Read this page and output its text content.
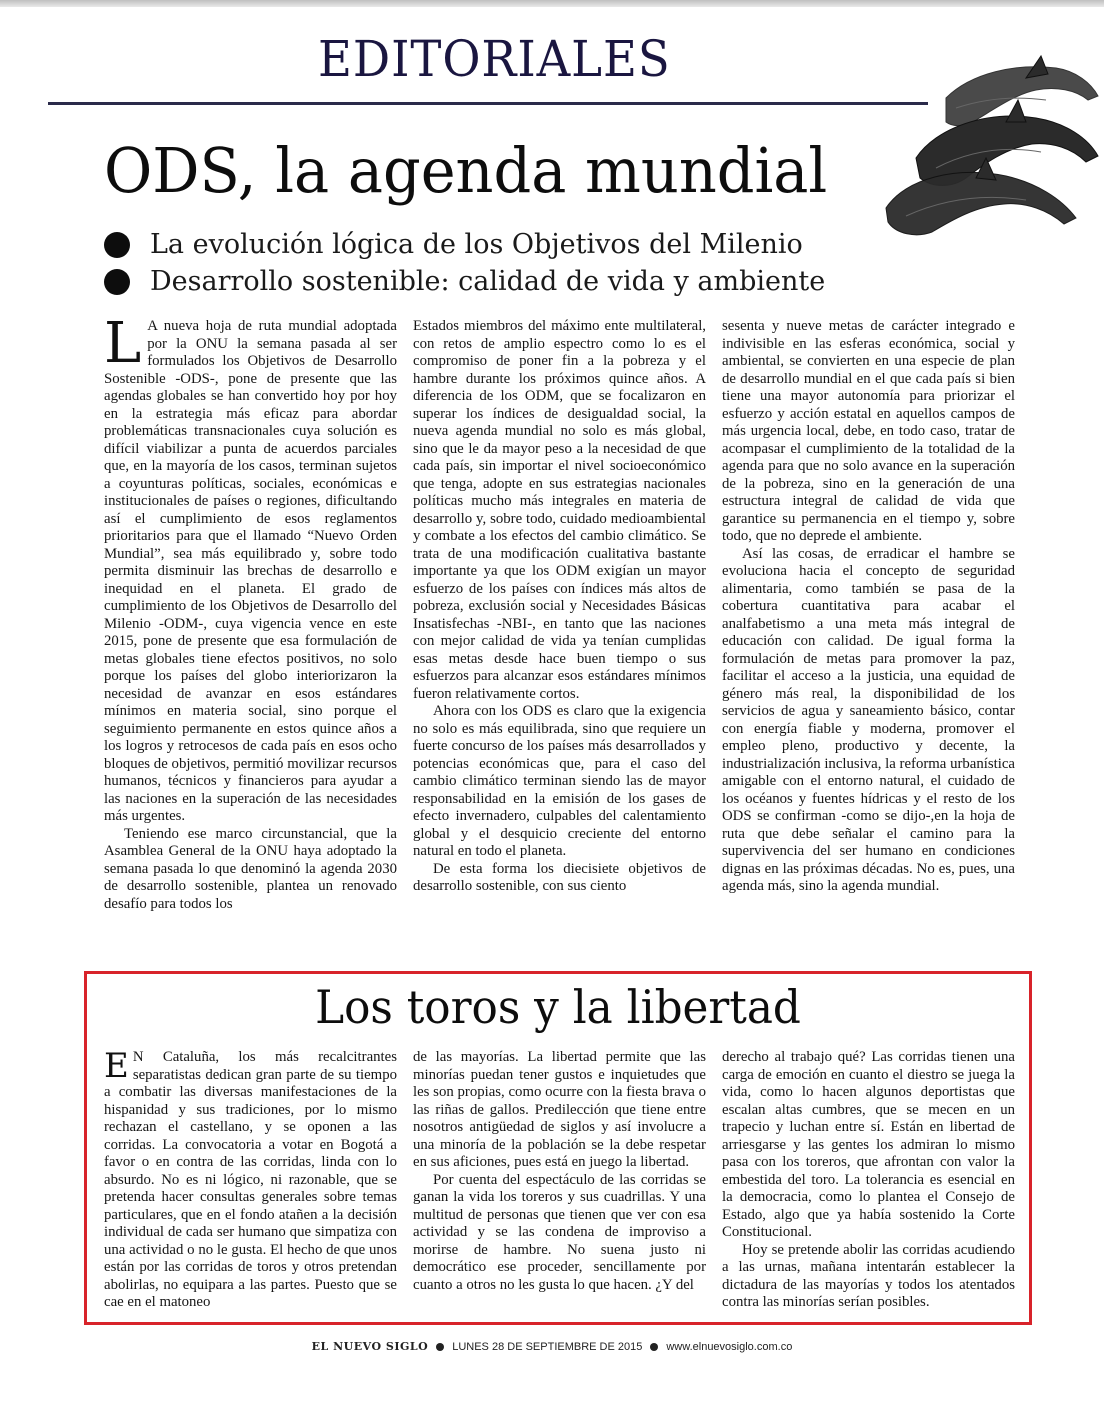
EDITORIALES
ODS, la agenda mundial
La evolución lógica de los Objetivos del Milenio
Desarrollo sostenible: calidad de vida y ambiente
L A nueva hoja de ruta mundial adoptada por la ONU la semana pasada al ser formulados los Objetivos de Desarrollo Sostenible -ODS-, pone de presente que las agendas globales se han convertido hoy por hoy en la estrategia más eficaz para abordar problemáticas transnacionales cuya solución es difícil viabilizar a punta de acuerdos parciales que, en la mayoría de los casos, terminan sujetos a coyunturas políticas, sociales, económicas e institucionales de países o regiones, dificultando así el cumplimiento de esos reglamentos prioritarios para que el llamado “Nuevo Orden Mundial”, sea más equilibrado y, sobre todo permita disminuir las brechas de desarrollo e inequidad en el planeta. El grado de cumplimiento de los Objetivos de Desarrollo del Milenio -ODM-, cuya vigencia vence en este 2015, pone de presente que esa formulación de metas globales tiene efectos positivos, no solo porque los países del globo interiorizaron la necesidad de avanzar en esos estándares mínimos en materia social, sino porque el seguimiento permanente en estos quince años a los logros y retrocesos de cada país en esos ocho bloques de objetivos, permitió movilizar recursos humanos, técnicos y financieros para ayudar a las naciones en la superación de las necesidades más urgentes.

Teniendo ese marco circunstancial, que la Asamblea General de la ONU haya adoptado la semana pasada lo que denominó la agenda 2030 de desarrollo sostenible, plantea un renovado desafío para todos los

Estados miembros del máximo ente multilateral, con retos de amplio espectro como lo es el compromiso de poner fin a la pobreza y el hambre durante los próximos quince años. A diferencia de los ODM, que se focalizaron en superar los índices de desigualdad social, la nueva agenda mundial no solo es más global, sino que le da mayor peso a la necesidad de que cada país, sin importar el nivel socioeconómico que tenga, adopte en sus estrategias nacionales políticas mucho más integrales en materia de desarrollo y, sobre todo, cuidado medioambiental y combate a los efectos del cambio climático. Se trata de una modificación cualitativa bastante importante ya que los ODM exigían un mayor esfuerzo de los países con índices más altos de pobreza, exclusión social y Necesidades Básicas Insatisfechas -NBI-, en tanto que las naciones con mejor calidad de vida ya tenían cumplidas esas metas desde hace buen tiempo o sus esfuerzos para alcanzar esos estándares mínimos fueron relativamente cortos.

Ahora con los ODS es claro que la exigencia no solo es más equilibrada, sino que requiere un fuerte concurso de los países más desarrollados y potencias económicas que, para el caso del cambio climático terminan siendo las de mayor responsabilidad en la emisión de los gases de efecto invernadero, culpables del calentamiento global y el desquicio creciente del entorno natural en todo el planeta.

De esta forma los diecisiete objetivos de desarrollo sostenible, con sus ciento

sesenta y nueve metas de carácter integrado e indivisible en las esferas económica, social y ambiental, se convierten en una especie de plan de desarrollo mundial en el que cada país si bien tiene una mayor autonomía para priorizar el esfuerzo y acción estatal en aquellos campos de más urgencia local, debe, en todo caso, tratar de acompasar el cumplimiento de la totalidad de la agenda para que no solo avance en la superación de la pobreza, sino en la generación de una estructura integral de calidad de vida que garantice su permanencia en el tiempo y, sobre todo, que no deprede el ambiente.

Así las cosas, de erradicar el hambre se evoluciona hacia el concepto de seguridad alimentaria, como también se pasa de la cobertura cuantitativa para acabar el analfabetismo a una meta más integral de educación con calidad. De igual forma la formulación de metas para promover la paz, facilitar el acceso a la justicia, una equidad de género más real, la disponibilidad de los servicios de agua y saneamiento básico, contar con energía fiable y moderna, promover el empleo pleno, productivo y decente, la industrialización inclusiva, la reforma urbanística amigable con el entorno natural, el cuidado de los océanos y fuentes hídricas y el resto de los ODS se confirman -como se dijo-,en la hoja de ruta que debe señalar el camino para la supervivencia del ser humano en condiciones dignas en las próximas décadas. No es, pues, una agenda más, sino la agenda mundial.

Los toros y la libertad
E N Cataluña, los más recalcitrantes separatistas dedican gran parte de su tiempo a combatir las diversas manifestaciones de la hispanidad y sus tradiciones, por lo mismo rechazan el castellano, y se oponen a las corridas. La convocatoria a votar en Bogotá a favor o en contra de las corridas, linda con lo absurdo. No es ni lógico, ni razonable, que se pretenda hacer consultas generales sobre temas particulares, que en el fondo atañen a la decisión individual de cada ser humano que simpatiza con una actividad o no le gusta. El hecho de que unos están por las corridas de toros y otros pretendan abolirlas, no equipara a las partes. Puesto que se cae en el matoneo

de las mayorías. La libertad permite que las minorías puedan tener gustos e inquietudes que les son propias, como ocurre con la fiesta brava o las riñas de gallos. Predilección que tiene entre nosotros antigüedad de siglos y así involucre a una minoría de la población se la debe respetar en sus aficiones, pues está en juego la libertad.

Por cuenta del espectáculo de las corridas se ganan la vida los toreros y sus cuadrillas. Y una multitud de personas que tienen que ver con esa actividad y se las condena de improviso a morirse de hambre. No suena justo ni democrático ese proceder, sencillamente por cuanto a otros no les gusta lo que hacen. ¿Y del

derecho al trabajo qué? Las corridas tienen una carga de emoción en cuanto el diestro se juega la vida, como lo hacen algunos deportistas que escalan altas cumbres, que se mecen en un trapecio y luchan entre sí. Están en libertad de arriesgarse y las gentes los admiran lo mismo pasa con los toreros, que afrontan con valor la embestida del toro. La tolerancia es esencial en la democracia, como lo plantea el Consejo de Estado, algo que ya había sostenido la Corte Constitucional.

Hoy se pretende abolir las corridas acudiendo a las urnas, mañana intentarán establecer la dictadura de las mayorías y todos los atentados contra las minorías serían posibles.

EL NUEVO SIGLO LUNES 28 DE SEPTIEMBRE DE 2015 www.elnuevosiglo.com.co
